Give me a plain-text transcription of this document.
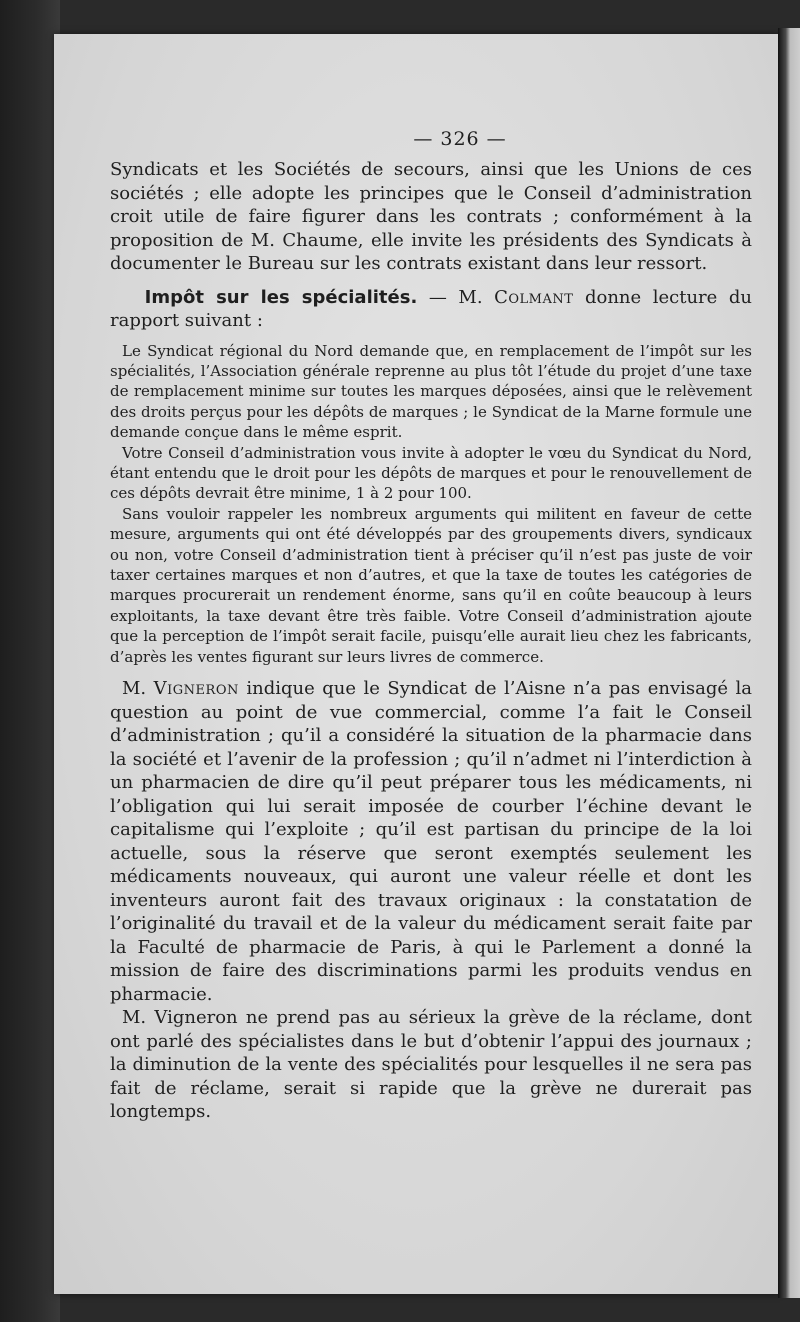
— 326 —

Syndicats et les Sociétés de secours, ainsi que les Unions de ces sociétés ; elle adopte les principes que le Conseil d’administration croit utile de faire figurer dans les contrats ; conformément à la proposition de M. Chaume, elle invite les présidents des Syndicats à documenter le Bureau sur les contrats existant dans leur ressort.

Impôt sur les spécialités. — M. Colmant donne lecture du rapport suivant :

Le Syndicat régional du Nord demande que, en remplacement de l’impôt sur les spécialités, l’Association générale reprenne au plus tôt l’étude du projet d’une taxe de remplacement minime sur toutes les marques déposées, ainsi que le relèvement des droits perçus pour les dépôts de marques ; le Syndicat de la Marne formule une demande conçue dans le même esprit.

Votre Conseil d’administration vous invite à adopter le vœu du Syndicat du Nord, étant entendu que le droit pour les dépôts de marques et pour le renouvellement de ces dépôts devrait être minime, 1 à 2 pour 100.

Sans vouloir rappeler les nombreux arguments qui militent en faveur de cette mesure, arguments qui ont été développés par des groupements divers, syndicaux ou non, votre Conseil d’administration tient à préciser qu’il n’est pas juste de voir taxer certaines marques et non d’autres, et que la taxe de toutes les catégories de marques procurerait un rendement énorme, sans qu’il en coûte beaucoup à leurs exploitants, la taxe devant être très faible. Votre Conseil d’administration ajoute que la perception de l’impôt serait facile, puisqu’elle aurait lieu chez les fabricants, d’après les ventes figurant sur leurs livres de commerce.

M. Vigneron indique que le Syndicat de l’Aisne n’a pas envisagé la question au point de vue commercial, comme l’a fait le Conseil d’administration ; qu’il a considéré la situation de la pharmacie dans la société et l’avenir de la profession ; qu’il n’admet ni l’interdiction à un pharmacien de dire qu’il peut préparer tous les médicaments, ni l’obligation qui lui serait imposée de courber l’échine devant le capitalisme qui l’exploite ; qu’il est partisan du principe de la loi actuelle, sous la réserve que seront exemptés seulement les médicaments nouveaux, qui auront une valeur réelle et dont les inventeurs auront fait des travaux originaux : la constatation de l’originalité du travail et de la valeur du médicament serait faite par la Faculté de pharmacie de Paris, à qui le Parlement a donné la mission de faire des discriminations parmi les produits vendus en pharmacie.

M. Vigneron ne prend pas au sérieux la grève de la réclame, dont ont parlé des spécialistes dans le but d’obtenir l’appui des journaux ; la diminution de la vente des spécialités pour lesquelles il ne sera pas fait de réclame, serait si rapide que la grève ne durerait pas longtemps.
